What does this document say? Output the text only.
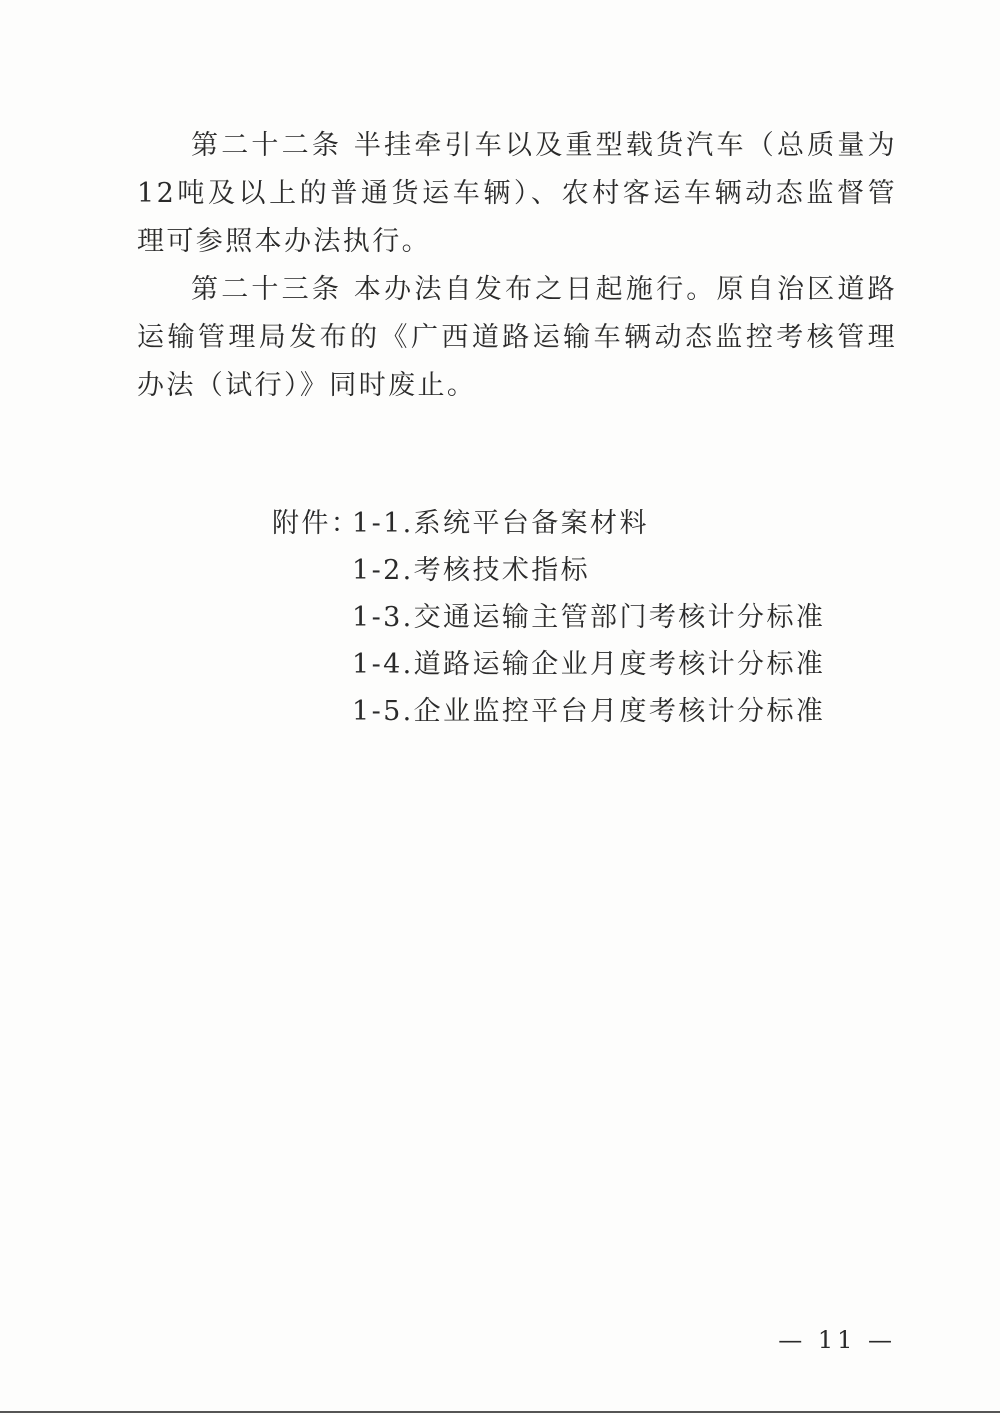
第二十二条 半挂牵引车以及重型载货汽车（总质量为12吨及以上的普通货运车辆）、农村客运车辆动态监督管理可参照本办法执行。

第二十三条 本办法自发布之日起施行。原自治区道路运输管理局发布的《广西道路运输车辆动态监控考核管理办法（试行）》同时废止。

附件：
1-1.系统平台备案材料
1-2.考核技术指标
1-3.交通运输主管部门考核计分标准
1-4.道路运输企业月度考核计分标准
1-5.企业监控平台月度考核计分标准
— 11 —
